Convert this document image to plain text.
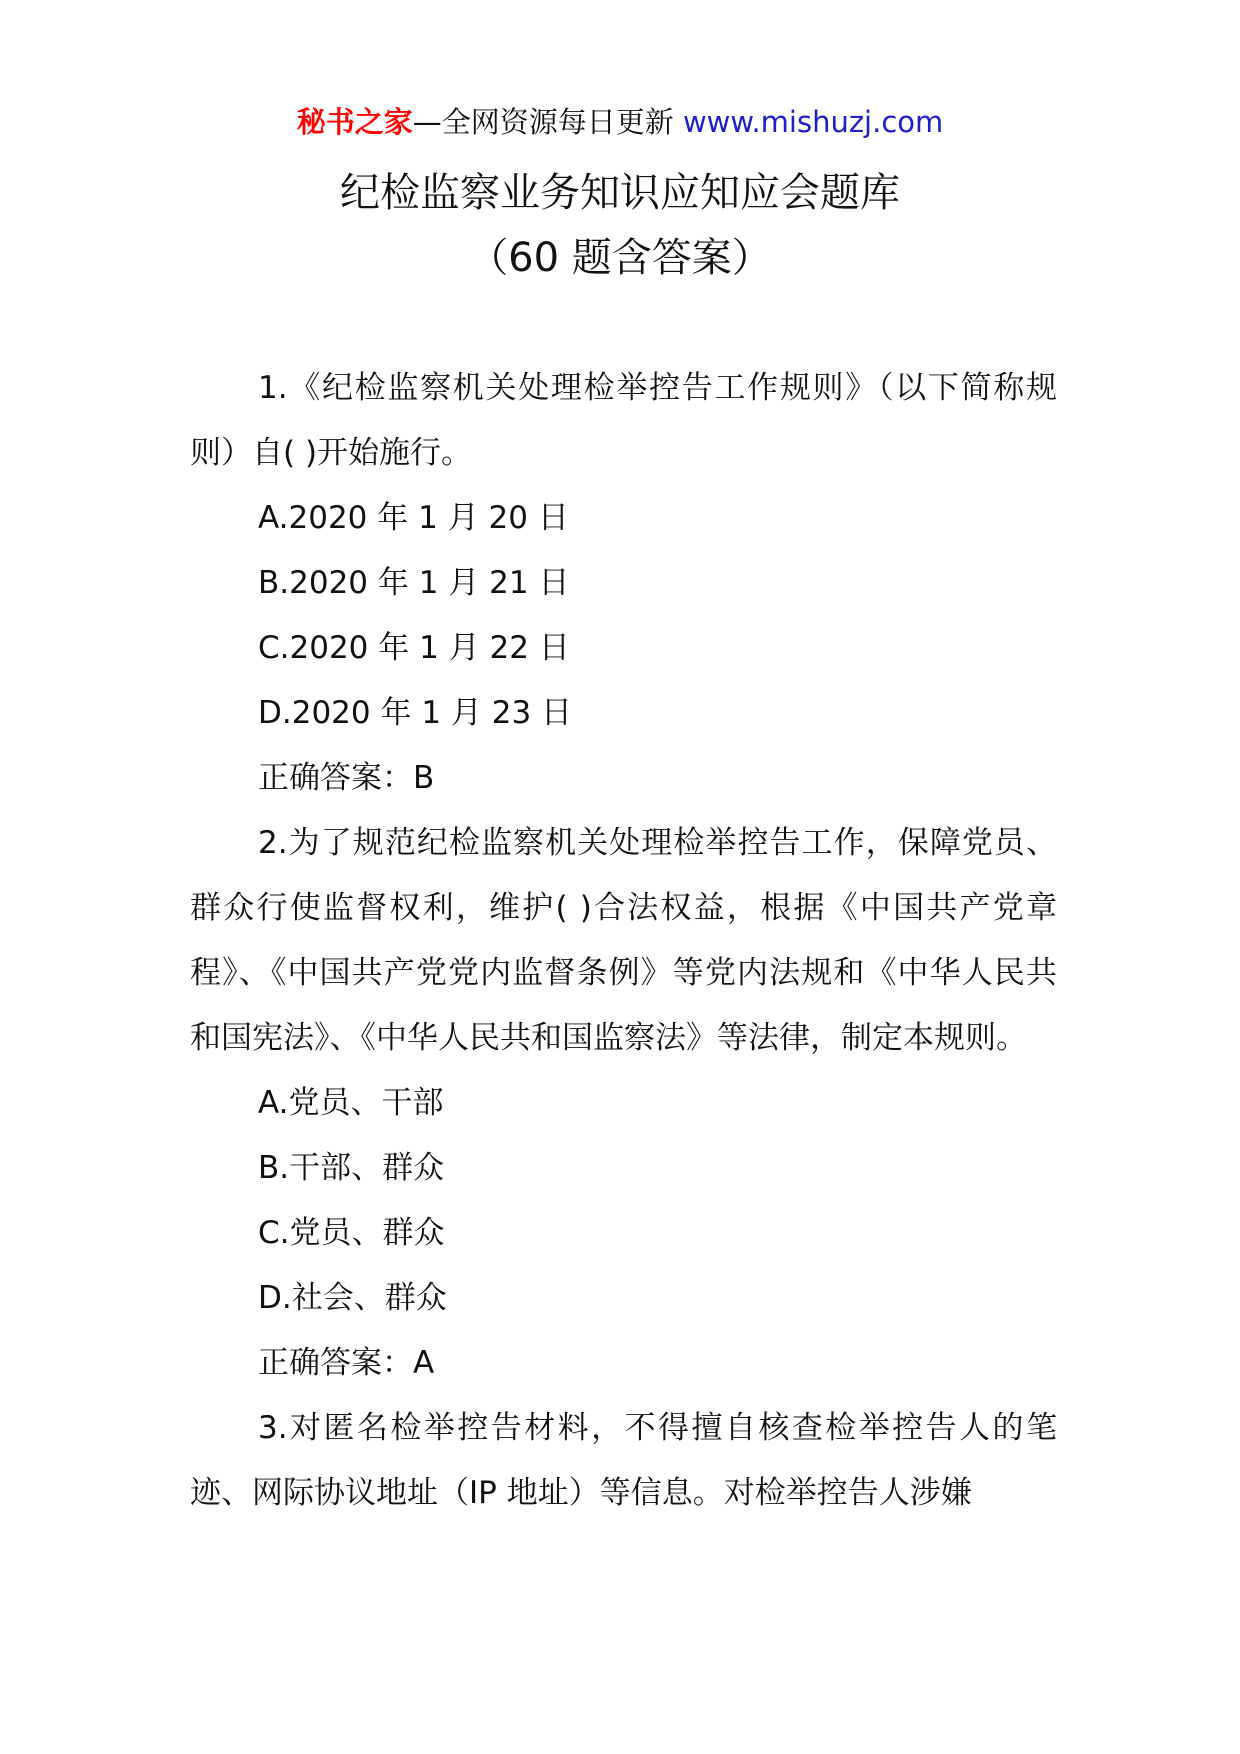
秘书之家—全网资源每日更新 www.mishuzj.com
纪检监察业务知识应知应会题库
（60 题含答案）

1.《纪检监察机关处理检举控告工作规则》（以下简称规则）自( )开始施行。

A.2020 年 1 月 20 日

B.2020 年 1 月 21 日

C.2020 年 1 月 22 日

D.2020 年 1 月 23 日

正确答案：B

2.为了规范纪检监察机关处理检举控告工作，保障党员、群众行使监督权利，维护( )合法权益，根据《中国共产党章程》、《中国共产党党内监督条例》等党内法规和《中华人民共和国宪法》、《中华人民共和国监察法》等法律，制定本规则。

A.党员、干部

B.干部、群众

C.党员、群众

D.社会、群众

正确答案：A

3.对匿名检举控告材料，不得擅自核查检举控告人的笔迹、网际协议地址（IP 地址）等信息。对检举控告人涉嫌
